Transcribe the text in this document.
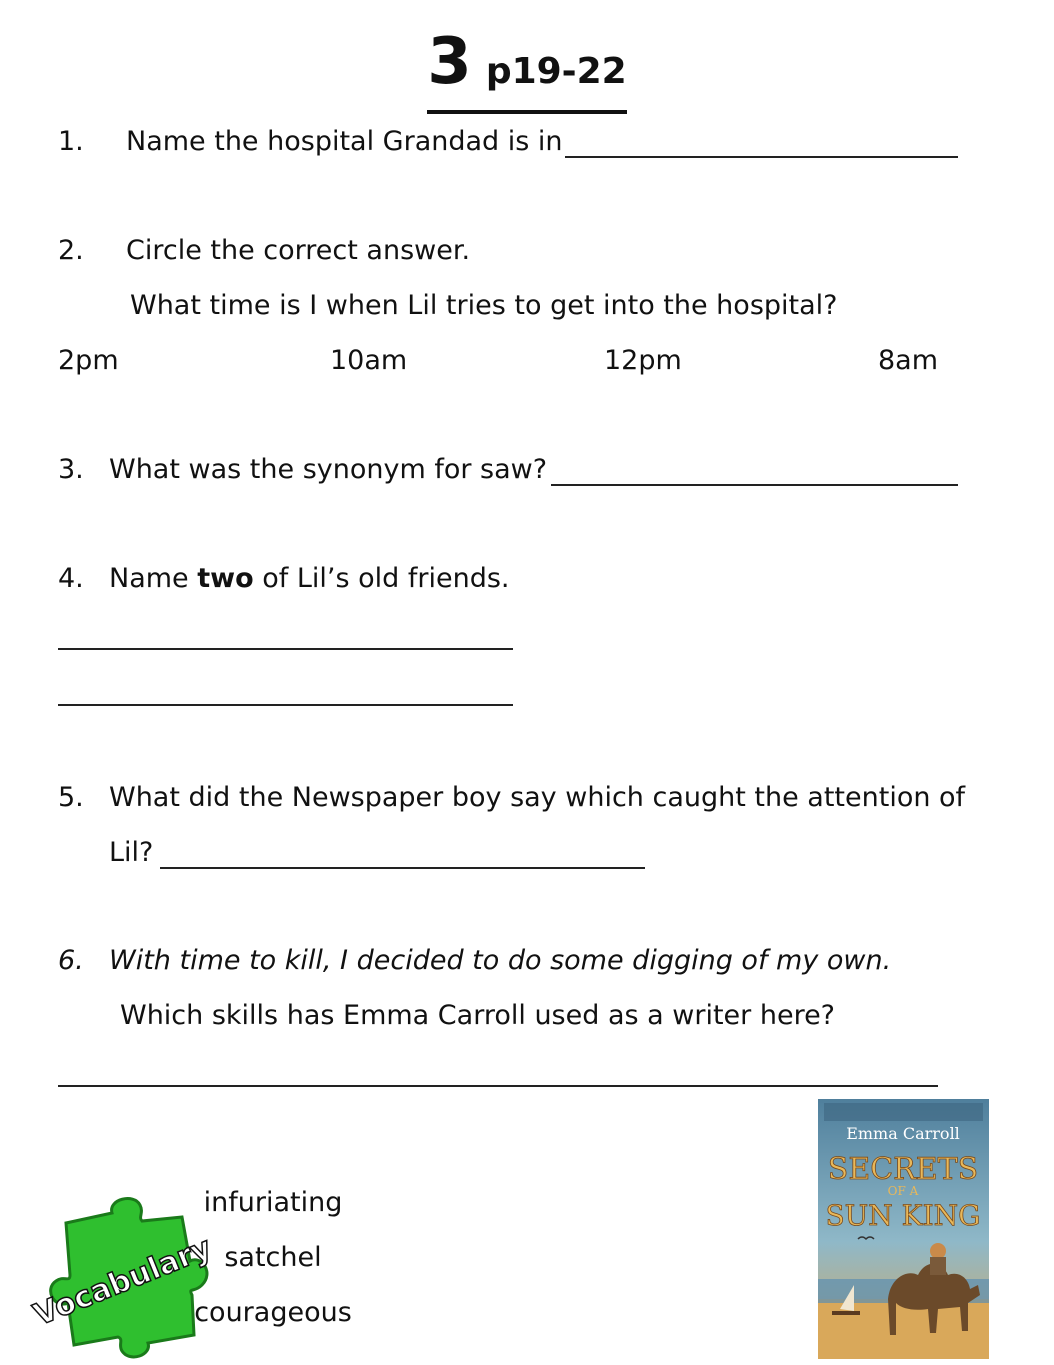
3 p19-22
1. Name the hospital Grandad is in
2. Circle the correct answer.
What time is I when Lil tries to get into the hospital?
2pm	10am	12pm	8am
3. What was the synonym for saw?
4. Name two of Lil’s old friends.
5. What did the Newspaper boy say which caught the attention of
Lil?
6. With time to kill, I decided to do some digging of my own.
Which skills has Emma Carroll used as a writer here?
Vocabulary
infuriating
satchel
courageous
Emma Carroll
SECRETS
OF A
SUN KING
